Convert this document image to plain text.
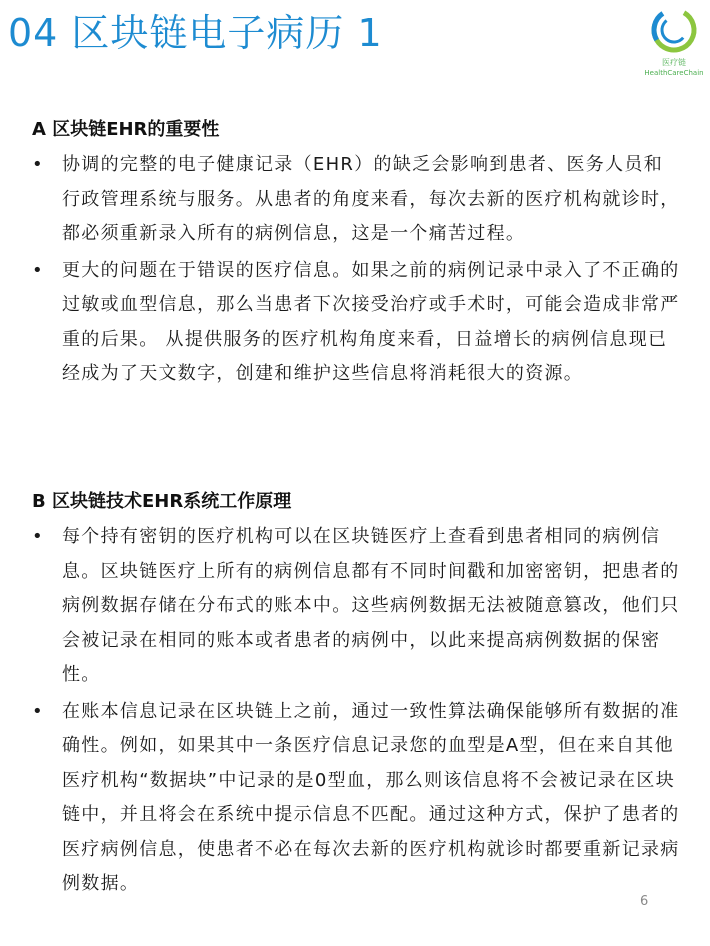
04 区块链电子病历 1
医疗链
HealthCareChain
A 区块链EHR的重要性
• 协调的完整的电子健康记录（EHR）的缺乏会影响到患者、医务人员和行政管理系统与服务。从患者的角度来看，每次去新的医疗机构就诊时，都必须重新录入所有的病例信息，这是一个痛苦过程。
• 更大的问题在于错误的医疗信息。如果之前的病例记录中录入了不正确的过敏或血型信息，那么当患者下次接受治疗或手术时，可能会造成非常严重的后果。 从提供服务的医疗机构角度来看，日益增长的病例信息现已经成为了天文数字，创建和维护这些信息将消耗很大的资源。
B 区块链技术EHR系统工作原理
• 每个持有密钥的医疗机构可以在区块链医疗上查看到患者相同的病例信息。区块链医疗上所有的病例信息都有不同时间戳和加密密钥，把患者的病例数据存储在分布式的账本中。这些病例数据无法被随意篡改，他们只会被记录在相同的账本或者患者的病例中，以此来提高病例数据的保密性。
• 在账本信息记录在区块链上之前，通过一致性算法确保能够所有数据的准确性。例如，如果其中一条医疗信息记录您的血型是A型，但在来自其他医疗机构“数据块”中记录的是0型血，那么则该信息将不会被记录在区块链中，并且将会在系统中提示信息不匹配。通过这种方式，保护了患者的医疗病例信息，使患者不必在每次去新的医疗机构就诊时都要重新记录病例数据。
6
